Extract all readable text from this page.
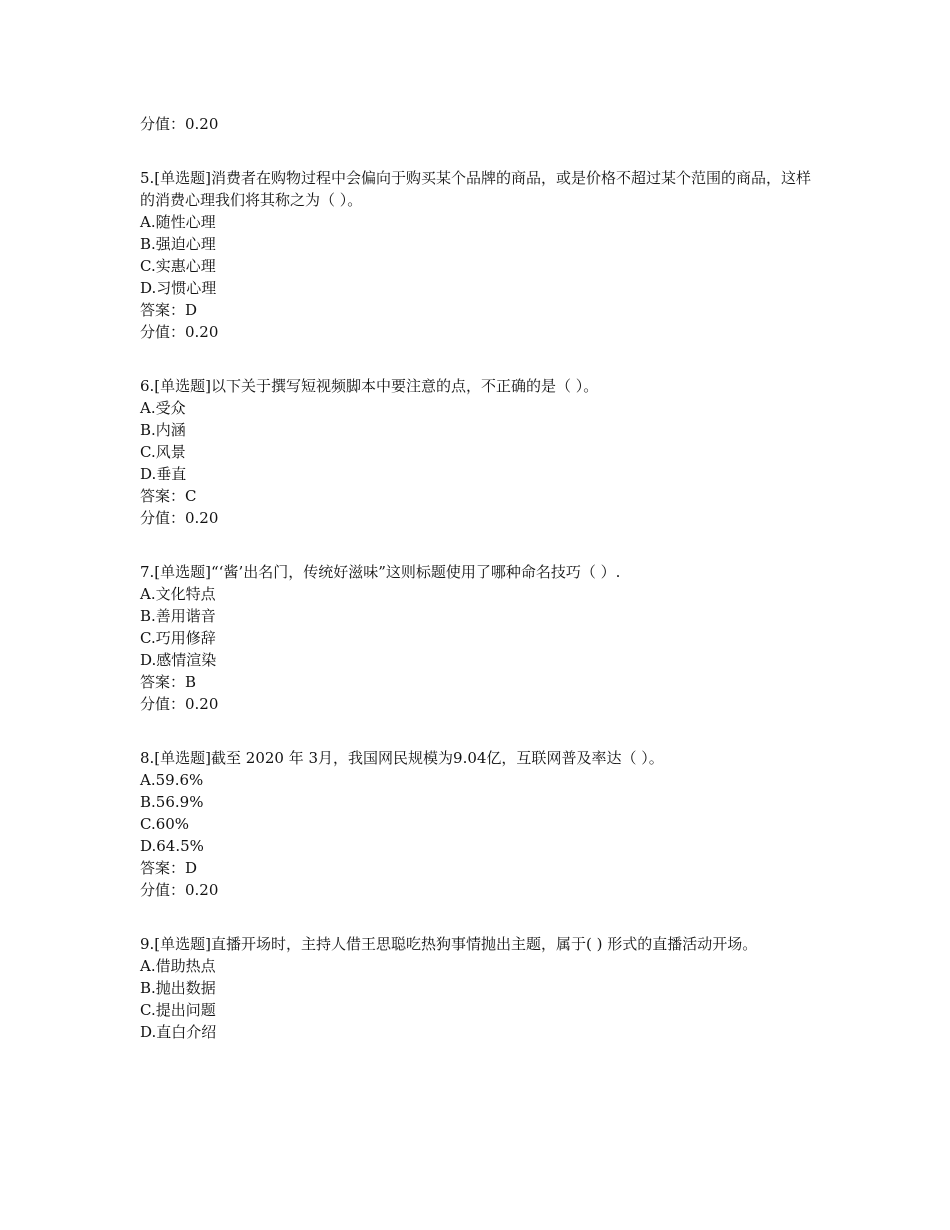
分值：0.20
5.[单选题]消费者在购物过程中会偏向于购买某个品牌的商品，或是价格不超过某个范围的商品，这样的消费心理我们将其称之为（ ）。
A.随性心理
B.强迫心理
C.实惠心理
D.习惯心理
答案：D
分值：0.20
6.[单选题]以下关于撰写短视频脚本中要注意的点，不正确的是（ ）。
A.受众
B.内涵
C.风景
D.垂直
答案：C
分值：0.20
7.[单选题]“‘酱’出名门，传统好滋味”这则标题使用了哪种命名技巧（ ）.
A.文化特点
B.善用谐音
C.巧用修辞
D.感情渲染
答案：B
分值：0.20
8.[单选题]截至 2020 年 3月，我国网民规模为9.04亿，互联网普及率达（ ）。
A.59.6%
B.56.9%
C.60%
D.64.5%
答案：D
分值：0.20
9.[单选题]直播开场时，主持人借王思聪吃热狗事情抛出主题，属于( ) 形式的直播活动开场。
A.借助热点
B.抛出数据
C.提出问题
D.直白介绍
